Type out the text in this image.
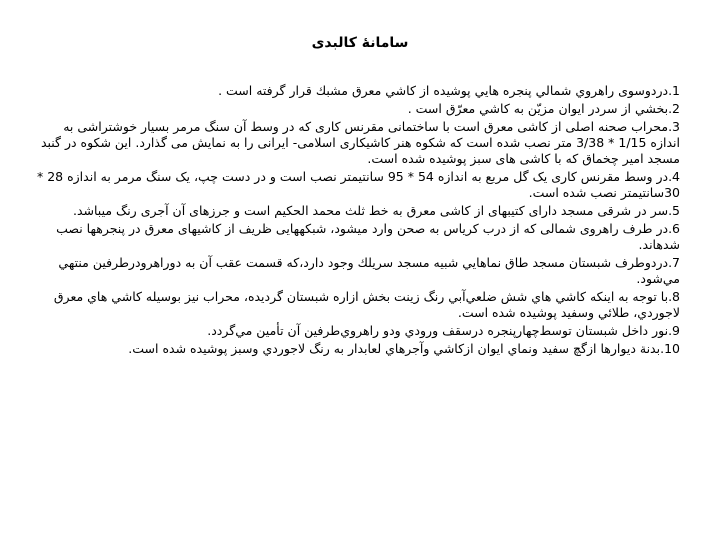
سامانهٔ کالبدی
1.دردوسوی راهروي شمالي پنجره هايي پوشيده از كاشي معرق مشبك قرار گرفته است .
2.بخشي از سردر ايوان مزيّن به كاشي معرّق است .
3.محراب صحنه اصلی از کاشی معرق است با ساختمانی مقرنس کاری که در وسط آن سنگ مرمر بسیار خوشتراشی به اندازه 1/15 * 3/38 متر نصب شده است که شکوه هنر کاشیکاری اسلامی- ایرانی را به نمایش می گذارد. این شکوه در گنبد مسجد امیر چخماق که با کاشی های سبز پوشیده شده است.
4.در وسط مقرنس کاری یک گل مربع به اندازه 54 * 95 سانتیمتر نصب است و در دست چپ، یک سنگ مرمر به اندازه 28 * 30سانتیمتر نصب شده است.
5.سر در شرقی مسجد دارای کتیبهای از کاشی معرق به خط ثلث محمد الحکیم است و جرزهای آن آجری رنگ میباشد.
6.در طرف راهروی شمالی که از درب کریاس به صحن وارد میشود، شبکههایی ظریف از کاشیهای معرق در پنجرهها نصب شدهاند.
7.دردوطرف شبستان مسجد طاق نماهايي شبيه مسجد سريلك وجود دارد،كه قسمت عقب آن به دوراهرودرطرفين منتهي مي‌شود.
8.با توجه به اينكه كاشي هاي شش ضلعي‌آبي رنگ زينت بخش ازاره شبستان گرديده، محراب نيز بوسيله كاشي هاي معرق لاجوردي، طلائي وسفيد پوشيده شده است.
9.نور داخل شبستان توسط‌چهارپنجره درسقف ورودي ودو راهروي‌طرفين آن تأمين مي‌گردد.
10.بدنة ديوارها ازگچ سفيد ونماي ايوان ازكاشي وآجرهاي لعابدار به رنگ لاجوردي وسبز پوشيده شده است.
